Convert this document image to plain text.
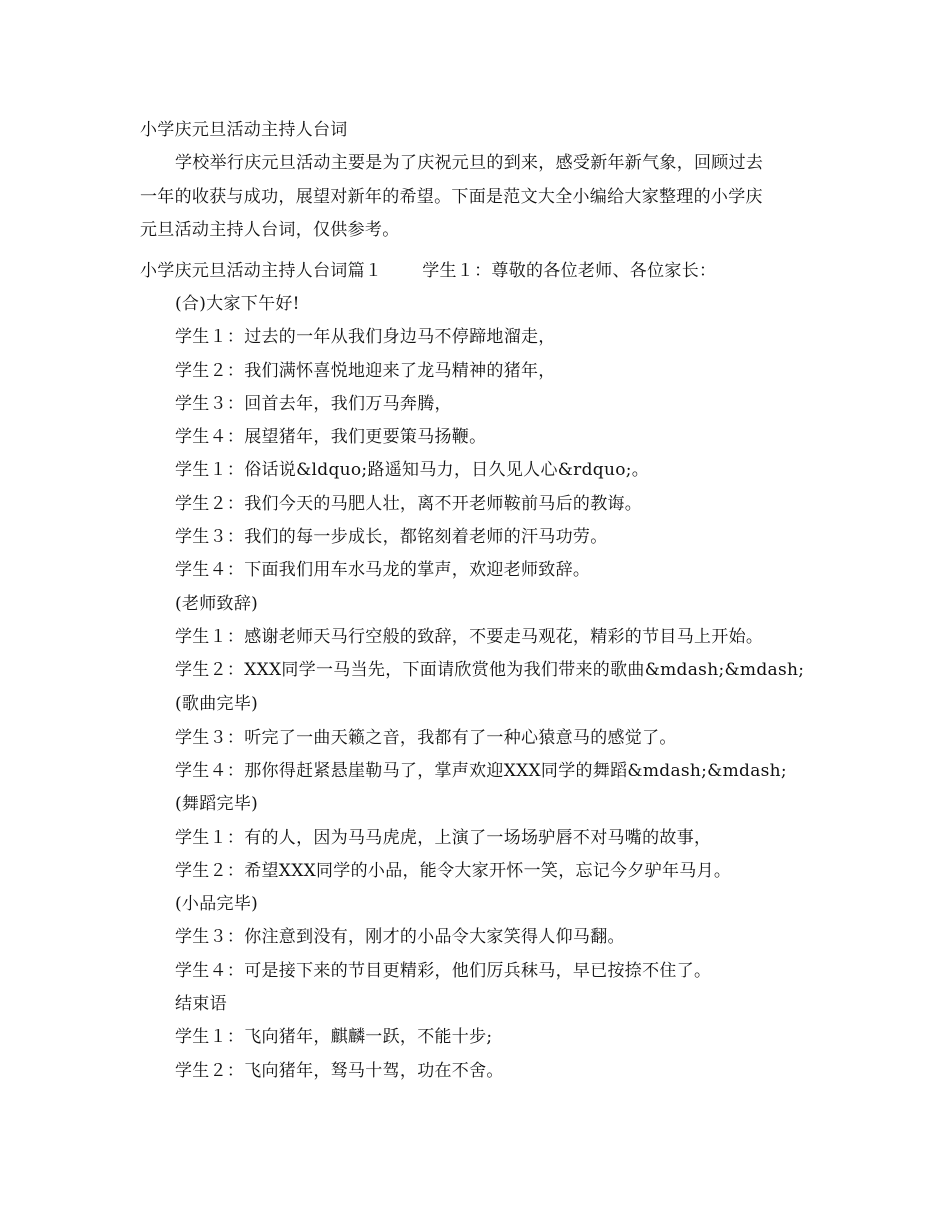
小学庆元旦活动主持人台词
学校举行庆元旦活动主要是为了庆祝元旦的到来，感受新年新气象，回顾过去
一年的收获与成功，展望对新年的希望。下面是范文大全小编给大家整理的小学庆
元旦活动主持人台词，仅供参考。
小学庆元旦活动主持人台词篇１ 学生１：尊敬的各位老师、各位家长：
(合)大家下午好!
学生１：过去的一年从我们身边马不停蹄地溜走，
学生２：我们满怀喜悦地迎来了龙马精神的猪年，
学生３：回首去年，我们万马奔腾，
学生４：展望猪年，我们更要策马扬鞭。
学生１：俗话说&ldquo;路遥知马力，日久见人心&rdquo;。
学生２：我们今天的马肥人壮，离不开老师鞍前马后的教诲。
学生３：我们的每一步成长，都铭刻着老师的汗马功劳。
学生４：下面我们用车水马龙的掌声，欢迎老师致辞。
(老师致辞)
学生１：感谢老师天马行空般的致辞，不要走马观花，精彩的节目马上开始。
学生２：XXX同学一马当先，下面请欣赏他为我们带来的歌曲&mdash;&mdash;
(歌曲完毕)
学生３：听完了一曲天籁之音，我都有了一种心猿意马的感觉了。
学生４：那你得赶紧悬崖勒马了，掌声欢迎XXX同学的舞蹈&mdash;&mdash;
(舞蹈完毕)
学生１：有的人，因为马马虎虎，上演了一场场驴唇不对马嘴的故事，
学生２：希望XXX同学的小品，能令大家开怀一笑，忘记今夕驴年马月。
(小品完毕)
学生３：你注意到没有，刚才的小品令大家笑得人仰马翻。
学生４：可是接下来的节目更精彩，他们厉兵秣马，早已按捺不住了。
结束语
学生１：飞向猪年，麒麟一跃，不能十步;
学生２：飞向猪年，驽马十驾，功在不舍。
